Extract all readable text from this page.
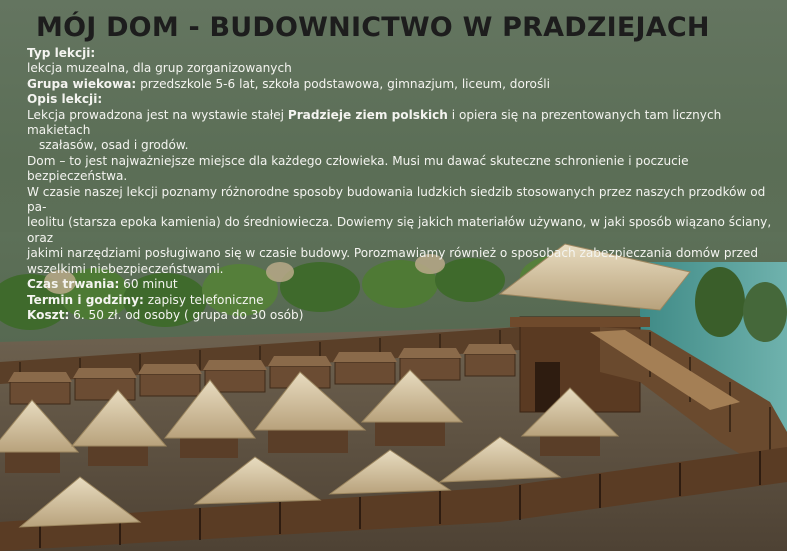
MÓJ DOM - BUDOWNICTWO W PRADZIEJACH

Typ lekcji:

lekcja muzealna, dla grup zorganizowanych

Grupa wiekowa: przedszkole 5-6 lat, szkoła podstawowa, gimnazjum, liceum, dorośli

Opis lekcji:

Lekcja prowadzona jest na wystawie stałej Pradzieje ziem polskich i opiera się na prezentowanych tam licznych makietach

szałasów, osad i grodów.

Dom – to jest najważniejsze miejsce dla każdego człowieka. Musi mu dawać skuteczne schronienie i poczucie bezpieczeństwa.

W czasie naszej lekcji poznamy różnorodne sposoby budowania ludzkich siedzib stosowanych przez naszych przodków od pa-

leolitu (starsza epoka kamienia) do średniowiecza. Dowiemy się jakich materiałów używano, w jaki sposób wiązano ściany, oraz

jakimi narzędziami posługiwano się w czasie budowy. Porozmawiamy również o sposobach zabezpieczania domów przed

wszelkimi niebezpieczeństwami.

Czas trwania: 60 minut

Termin i godziny: zapisy telefoniczne

Koszt: 6. 50 zł. od osoby ( grupa do 30 osób)
